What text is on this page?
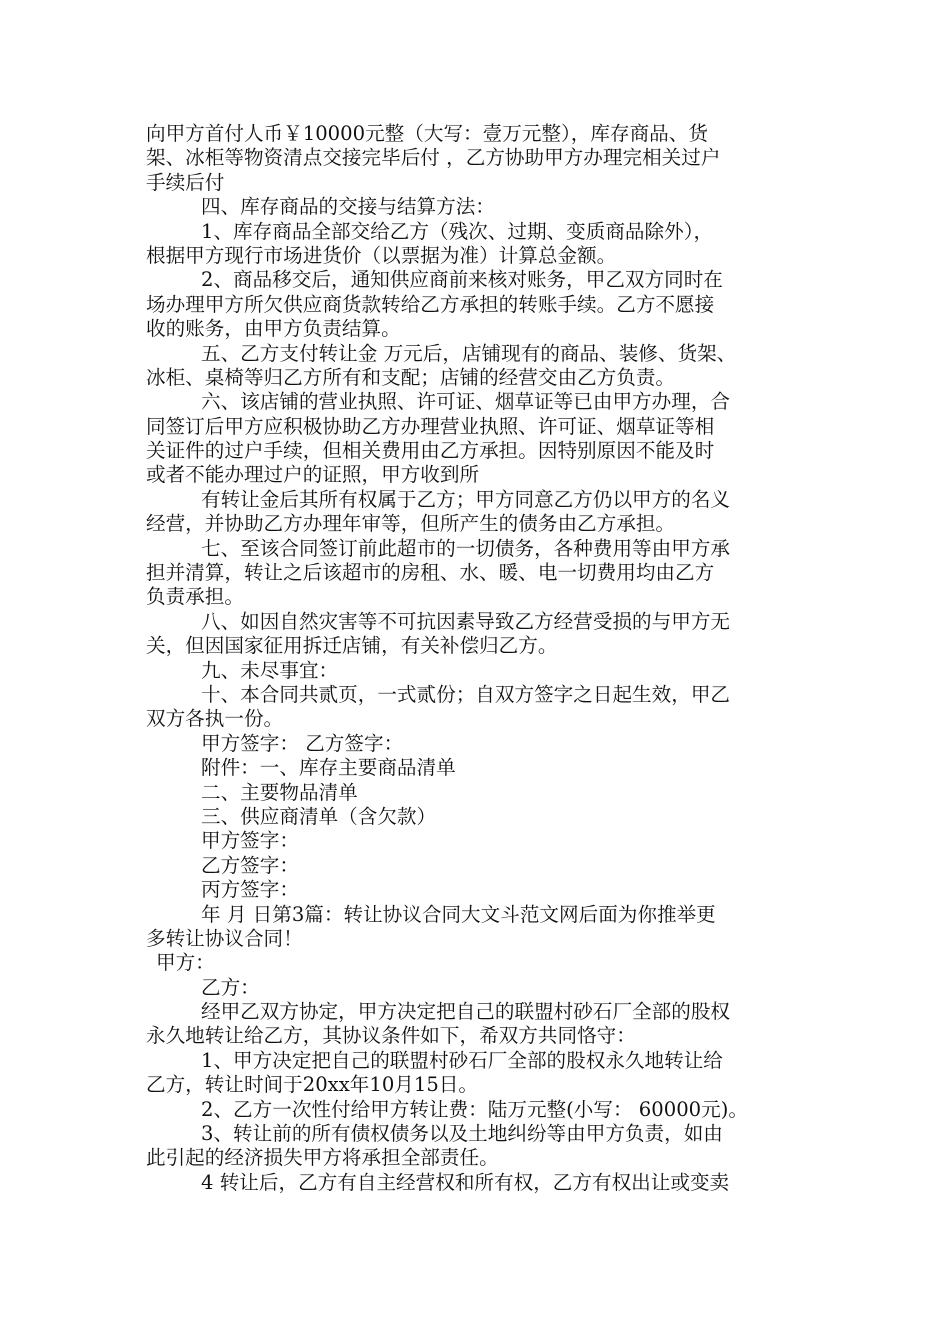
向甲方首付人币￥10000元整（大写：壹万元整），库存商品、货
架、冰柜等物资清点交接完毕后付 ，乙方协助甲方办理完相关过户
手续后付
四、库存商品的交接与结算方法：
1、库存商品全部交给乙方（残次、过期、变质商品除外），
根据甲方现行市场进货价（以票据为准）计算总金额。
2、商品移交后，通知供应商前来核对账务，甲乙双方同时在
场办理甲方所欠供应商货款转给乙方承担的转账手续。乙方不愿接
收的账务，由甲方负责结算。
五、乙方支付转让金 万元后，店铺现有的商品、装修、货架、
冰柜、桌椅等归乙方所有和支配；店铺的经营交由乙方负责。
六、该店铺的营业执照、许可证、烟草证等已由甲方办理，合
同签订后甲方应积极协助乙方办理营业执照、许可证、烟草证等相
关证件的过户手续，但相关费用由乙方承担。因特别原因不能及时
或者不能办理过户的证照，甲方收到所
有转让金后其所有权属于乙方；甲方同意乙方仍以甲方的名义
经营，并协助乙方办理年审等，但所产生的债务由乙方承担。
七、至该合同签订前此超市的一切债务，各种费用等由甲方承
担并清算，转让之后该超市的房租、水、暖、电一切费用均由乙方
负责承担。
八、如因自然灾害等不可抗因素导致乙方经营受损的与甲方无
关，但因国家征用拆迁店铺，有关补偿归乙方。
九、未尽事宜：
十、本合同共贰页，一式贰份；自双方签字之日起生效，甲乙
双方各执一份。
甲方签字： 乙方签字：
附件：一、库存主要商品清单
二、主要物品清单
三、供应商清单（含欠款）
甲方签字：
乙方签字：
丙方签字：
年 月 日第3篇：转让协议合同大文斗范文网后面为你推举更
多转让协议合同！
甲方：
乙方：
经甲乙双方协定，甲方决定把自己的联盟村砂石厂全部的股权
永久地转让给乙方，其协议条件如下，希双方共同恪守：
1、甲方决定把自己的联盟村砂石厂全部的股权永久地转让给
乙方，转让时间于20xx年10月15日。
2、乙方一次性付给甲方转让费：陆万元整(小写： 60000元)。
3、转让前的所有债权债务以及土地纠纷等由甲方负责，如由
此引起的经济损失甲方将承担全部责任。
4 转让后，乙方有自主经营权和所有权，乙方有权出让或变卖
